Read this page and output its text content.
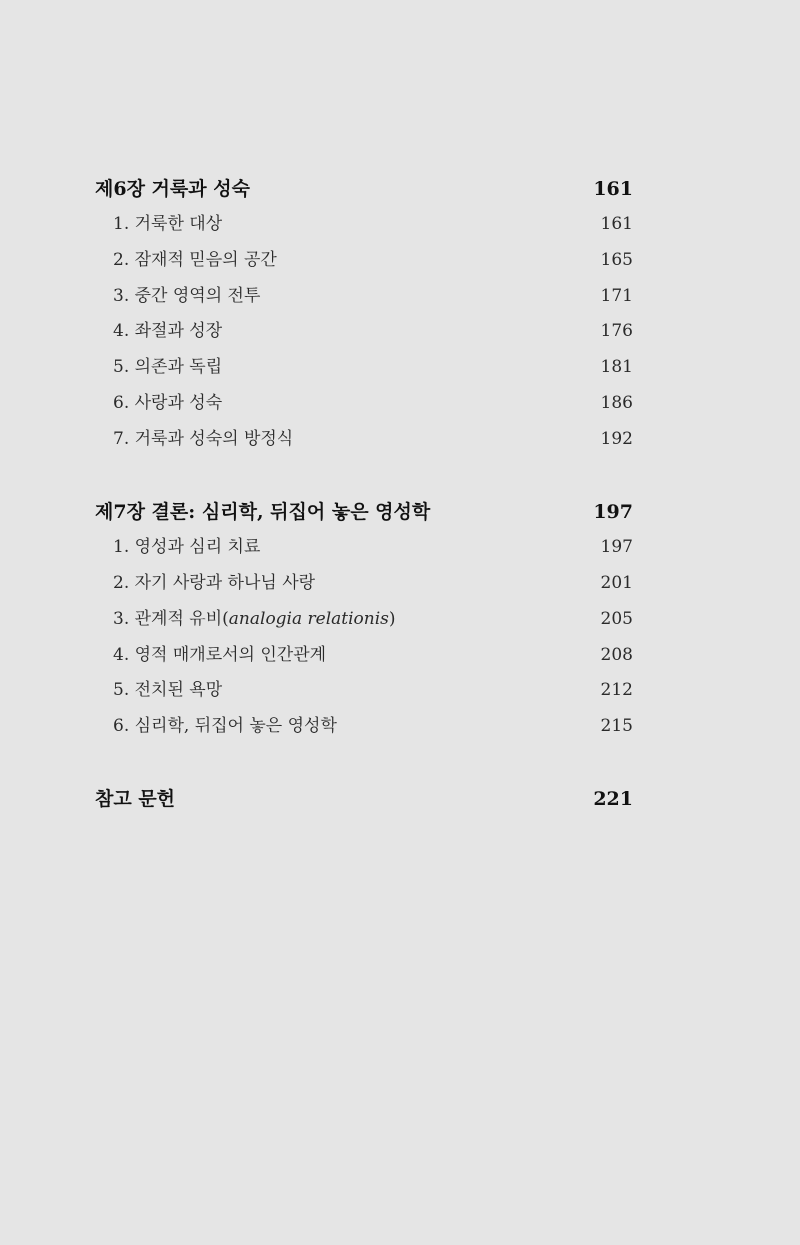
제6장 거룩과 성숙	161
1. 거룩한 대상	161
2. 잠재적 믿음의 공간	165
3. 중간 영역의 전투	171
4. 좌절과 성장	176
5. 의존과 독립	181
6. 사랑과 성숙	186
7. 거룩과 성숙의 방정식	192
제7장 결론: 심리학, 뒤집어 놓은 영성학	197
1. 영성과 심리 치료	197
2. 자기 사랑과 하나님 사랑	201
3. 관계적 유비(analogia relationis)	205
4. 영적 매개로서의 인간관계	208
5. 전치된 욕망	212
6. 심리학, 뒤집어 놓은 영성학	215
참고 문헌	221
